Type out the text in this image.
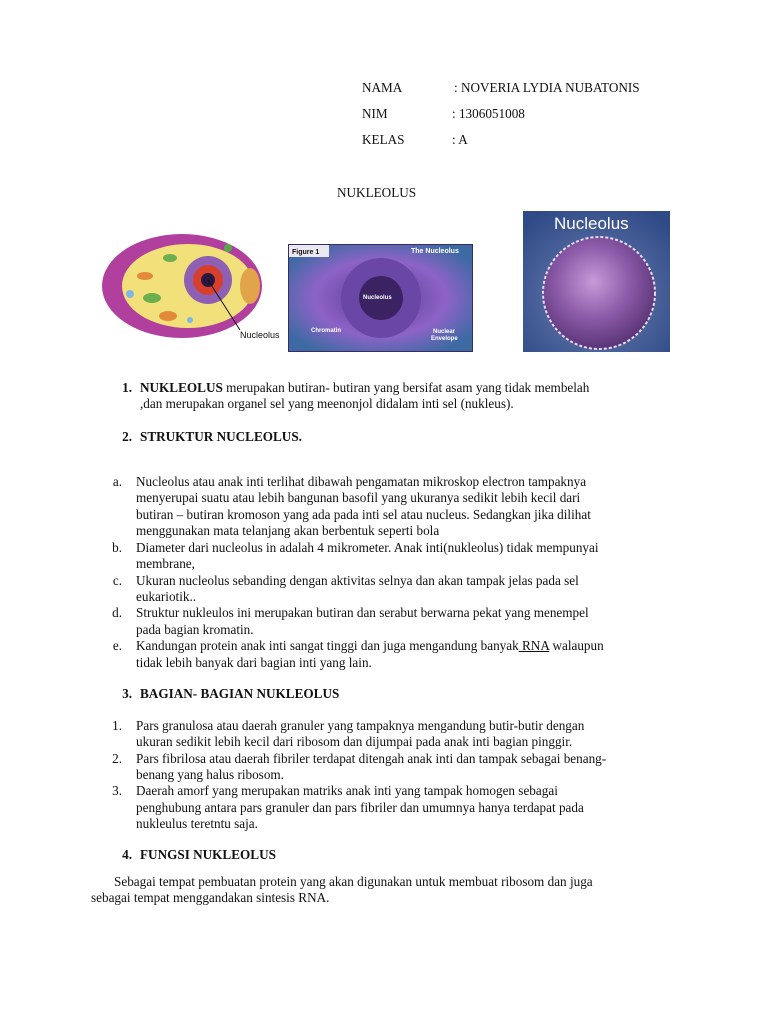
NAMA	: NOVERIA LYDIA NUBATONIS
NIM	: 1306051008
KELAS	: A
NUKLEOLUS
Nucleolus
Figure 1	The Nucleolus
Nucleolus
Chromatin	Nuclear
Envelope
Nucleolus
1. NUKLEOLUS merupakan butiran- butiran yang bersifat asam yang tidak membelah
,dan merupakan organel sel yang meenonjol didalam inti sel (nukleus).
2. STRUKTUR NUCLEOLUS.
a. Nucleolus atau anak inti terlihat dibawah pengamatan mikroskop electron tampaknya
menyerupai suatu atau lebih bangunan basofil yang ukuranya sedikit lebih kecil dari
butiran – butiran kromoson yang ada pada inti sel atau nucleus. Sedangkan jika dilihat
menggunakan mata telanjang akan berbentuk seperti bola
b. Diameter dari nucleolus in adalah 4 mikrometer. Anak inti(nukleolus) tidak mempunyai
membrane,
c. Ukuran nucleolus sebanding dengan aktivitas selnya dan akan tampak jelas pada sel
eukariotik..
d. Struktur nukleulos ini merupakan butiran dan serabut berwarna pekat yang menempel
pada bagian kromatin.
e. Kandungan protein anak inti sangat tinggi dan juga mengandung banyak RNA walaupun
tidak lebih banyak dari bagian inti yang lain.
3. BAGIAN- BAGIAN NUKLEOLUS
1. Pars granulosa atau daerah granuler yang tampaknya mengandung butir-butir dengan
ukuran sedikit lebih kecil dari ribosom dan dijumpai pada anak inti bagian pinggir.
2. Pars fibrilosa atau daerah fibriler terdapat ditengah anak inti dan tampak sebagai benang-
benang yang halus ribosom.
3. Daerah amorf yang merupakan matriks anak inti yang tampak homogen sebagai
penghubung antara pars granuler dan pars fibriler dan umumnya hanya terdapat pada
nukleulus teretntu saja.
4. FUNGSI NUKLEOLUS
Sebagai tempat pembuatan protein yang akan digunakan untuk membuat ribosom dan juga
sebagai tempat menggandakan sintesis RNA.
